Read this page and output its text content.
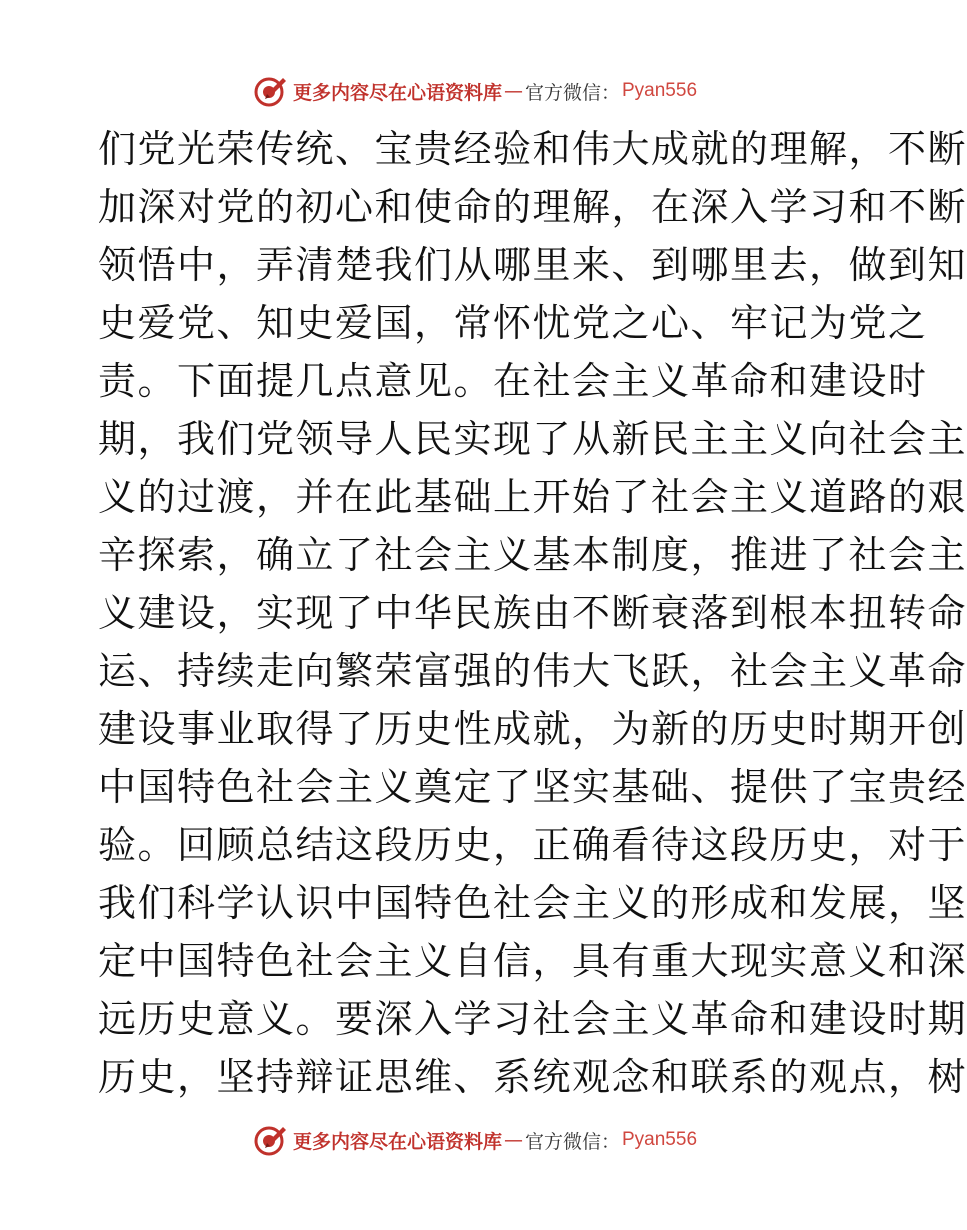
更多内容尽在心语资料库 — 官方微信： Pyan556
们党光荣传统、宝贵经验和伟大成就的理解，不断
加深对党的初心和使命的理解，在深入学习和不断
领悟中，弄清楚我们从哪里来、到哪里去，做到知
史爱党、知史爱国，常怀忧党之心、牢记为党之
责。下面提几点意见。在社会主义革命和建设时
期，我们党领导人民实现了从新民主主义向社会主
义的过渡，并在此基础上开始了社会主义道路的艰
辛探索，确立了社会主义基本制度，推进了社会主
义建设，实现了中华民族由不断衰落到根本扭转命
运、持续走向繁荣富强的伟大飞跃，社会主义革命
建设事业取得了历史性成就，为新的历史时期开创
中国特色社会主义奠定了坚实基础、提供了宝贵经
验。回顾总结这段历史，正确看待这段历史，对于
我们科学认识中国特色社会主义的形成和发展，坚
定中国特色社会主义自信，具有重大现实意义和深
远历史意义。要深入学习社会主义革命和建设时期
历史，坚持辩证思维、系统观念和联系的观点，树
更多内容尽在心语资料库 — 官方微信： Pyan556
